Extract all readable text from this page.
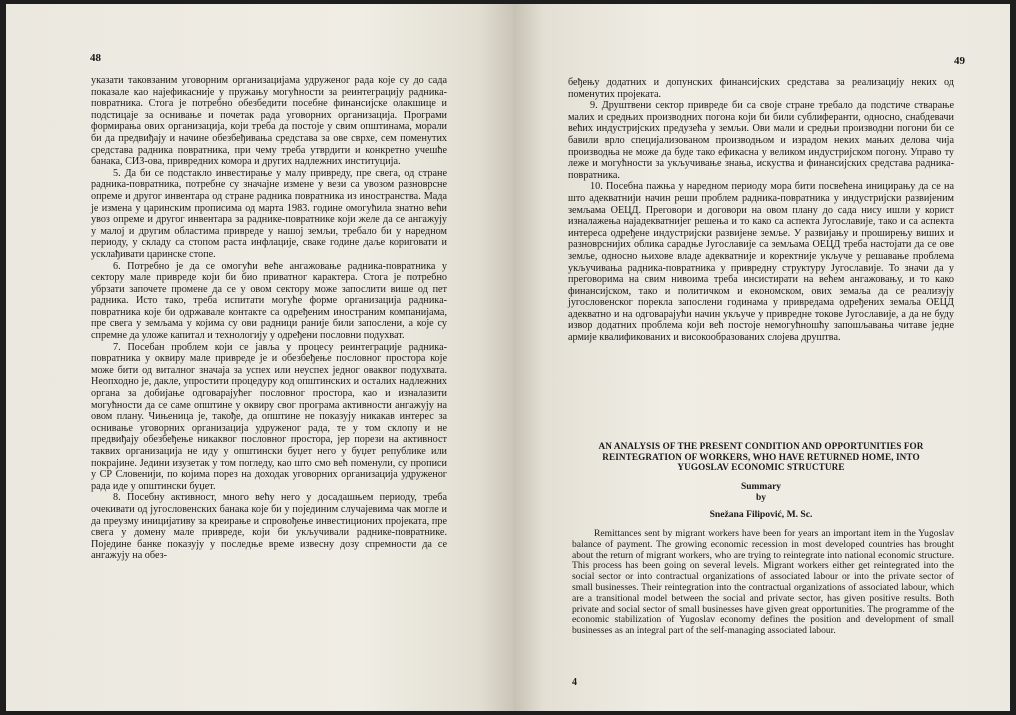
48

указати таковзаним уговорним организацијама удруженог рада које су до сада показале као најефикасније у пружању могућности за реинтеграцију радника-повратника. Стога је потребно обезбедити посебне финансијске олакшице и подстицаје за оснивање и почетак рада уговорних организација. Програми формирања ових организација, који треба да постоје у свим општинама, морали би да предвиђају и начине обезбеђивања средстава за ове сврхе, сем поменутих средстава радника повратника, при чему треба утврдити и конкретно учешће банака, СИЗ-ова, привредних комора и других надлежних институција.

5. Да би се подстакло инвестирање у малу привреду, пре свега, од стране радника-повратника, потребне су значајне измене у вези са увозом разноврсне опреме и другог инвентара од стране радника повратника из иностранства. Мада је измена у царинским прописима од марта 1983. године омогућила знатно већи увоз опреме и другог инвентара за раднике-повратнике који желе да се ангажују у малој и другим областима привреде у нашој земљи, требало би у наредном периоду, у складу са стопом раста инфлације, сваке године даље кориговати и усклађивати царинске стопе.

6. Потребно је да се омогући веће ангажовање радника-повратника у сектору мале привреде који би био приватног карактера. Стога је потребно убрзати започете промене да се у овом сектору може запослити више од пет радника. Исто тако, треба испитати могуће форме организација радника-повратника које би одржавале контакте са одређеним иностраним компанијама, пре свега у земљама у којима су ови радници раније били запослени, а које су спремне да уложе капитал и технологију у одређени пословни подухват.

7. Посебан проблем који се јавља у процесу реинтеграције радника-повратника у оквиру мале привреде је и обезбеђење пословног простора које може бити од виталног значаја за успех или неуспех једног оваквог подухвата. Неопходно је, дакле, упростити процедуру код општинских и осталих надлежних органа за добијање одговарајућег пословног простора, као и изналазити могућности да се саме општине у оквиру свог програма активности ангажују на овом плану. Чињеница је, такође, да општине не показују никакав интерес за оснивање уговорних организација удруженог рада, те у том склопу и не предвиђају обезбеђење никаквог пословног простора, јер порези на активност таквих организација не иду у општински буџет него у буџет републике или покрајине. Једини изузетак у том погледу, као што смо већ поменули, су прописи у СР Словенији, по којима порез на доходак уговорних организација удруженог рада иде у општински буџет.

8. Посебну активност, много већу него у досадашњем периоду, треба очекивати од југословенских банака које би у појединим случајевима чак могле и да преузму иницијативу за креирање и спровођење инвестиционих пројеката, пре свега у домену мале привреде, који би укључивали раднике-повратнике. Поједине банке показују у последње време извесну дозу спремности да се ангажују на обез-

49

беђењу додатних и допунских финансијских средстава за реализацију неких од поменутих пројеката.

9. Друштвени сектор привреде би са своје стране требало да подстиче стварање малих и средњих производних погона који би били сублиферанти, односно, снабдевачи већих индустријских предузећа у земљи. Ови мали и средњи производни погони би се бавили врло специјализованом производњом и израдом неких мањих делова чија производња не може да буде тако ефикасна у великом индустријском погону. Управо ту леже и могућности за укључивање знања, искуства и финансијских средстава радника-повратника.

10. Посебна пажња у наредном периоду мора бити посвећена иницирању да се на што адекватнији начин реши проблем радника-повратника у индустријски развијеним земљама ОЕЦД. Преговори и договори на овом плану до сада нису ишли у корист изналажења најадекватнијег решења и то како са аспекта Југославије, тако и са аспекта интереса одређене индустријски развијене земље. У развијању и проширењу виших и разноврснијих облика сарадње Југославије са земљама ОЕЦД треба настојати да се ове земље, односно њихове владе адекватније и коректније укључе у решавање проблема укључивања радника-повратника у привредну структуру Југославије. То значи да у преговорима на свим нивоима треба инсистирати на већем ангажовању, и то како финансијском, тако и политичком и економском, ових земаља да се реализују југословенског порекла запослени годинама у привредама одређених земаља ОЕЦД адекватно и на одговарајући начин укључе у привредне токове Југославије, а да не буду извор додатних проблема који већ постоје немогућношћу запошљавања читаве једне армије квалификованих и високообразованих слојева друштва.

AN ANALYSIS OF THE PRESENT CONDITION AND OPPORTUNITIES FOR
REINTEGRATION OF WORKERS, WHO HAVE RETURNED HOME, INTO
YUGOSLAV ECONOMIC STRUCTURE
Summary
by
Snežana Filipović, M. Sc.

Remittances sent by migrant workers have been for years an important item in the Yugoslav balance of payment. The growing economic recession in most developed countries has brought about the return of migrant workers, who are trying to reintegrate into national economic structure. This process has been going on several levels. Migrant workers either get reintegrated into the social sector or into contractual organizations of associated labour or into the private sector of small businesses. Their reintegration into the contractual organizations of associated labour, which are a transitional model between the social and private sector, has given positive results. Both private and social sector of small businesses have given great opportunities. The programme of the economic stabilization of Yugoslav economy defines the position and development of small businesses as an integral part of the self-managing associated labour.

4
